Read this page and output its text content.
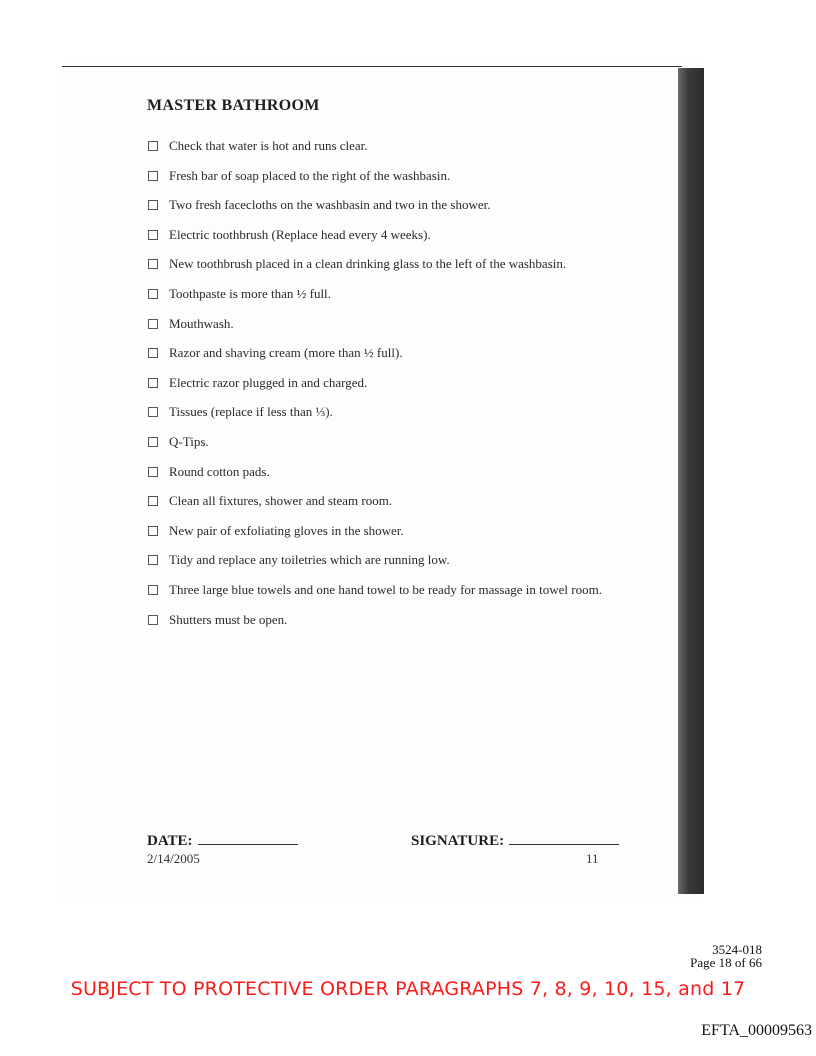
MASTER BATHROOM
Check that water is hot and runs clear.
Fresh bar of soap placed to the right of the washbasin.
Two fresh facecloths on the washbasin and two in the shower.
Electric toothbrush (Replace head every 4 weeks).
New toothbrush placed in a clean drinking glass to the left of the washbasin.
Toothpaste is more than ½ full.
Mouthwash.
Razor and shaving cream (more than ½ full).
Electric razor plugged in and charged.
Tissues (replace if less than ⅓).
Q-Tips.
Round cotton pads.
Clean all fixtures, shower and steam room.
New pair of exfoliating gloves in the shower.
Tidy and replace any toiletries which are running low.
Three large blue towels and one hand towel to be ready for massage in towel room.
Shutters must be open.
DATE:	SIGNATURE:
2/14/2005	11
3524-018
Page 18 of 66
SUBJECT TO PROTECTIVE ORDER PARAGRAPHS 7, 8, 9, 10, 15, and 17
EFTA_00009563
